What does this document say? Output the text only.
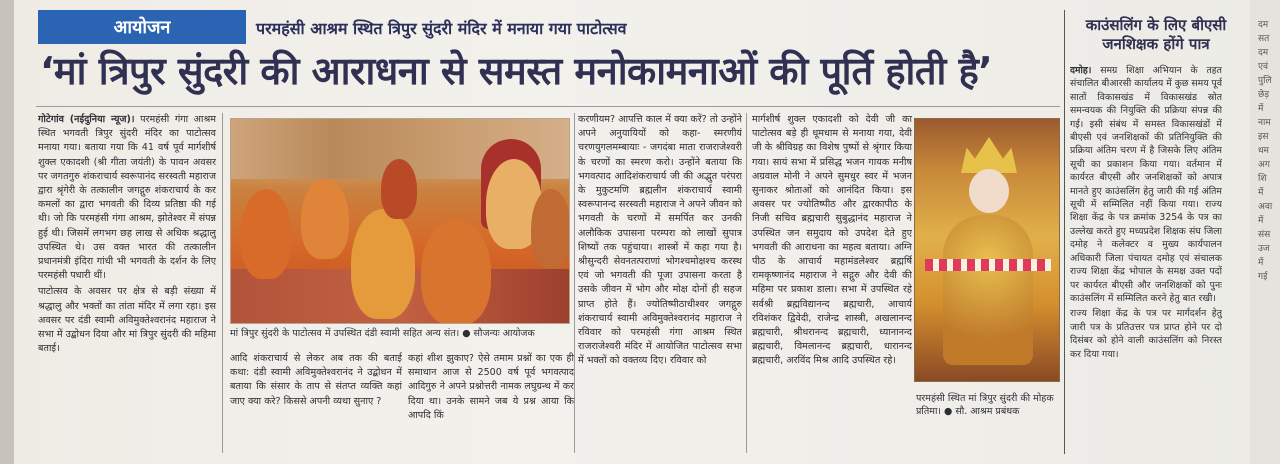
आयोजन	परमहंसी आश्रम स्थित त्रिपुर सुंदरी मंदिर में मनाया गया पाटोत्सव
‘मां त्रिपुर सुंदरी की आराधना से समस्त मनोकामनाओं की पूर्ति होती है’

गोटेगांव (नईदुनिया न्यूज)। परमहंसी गंगा आश्रम स्थित भगवती त्रिपुर सुंदरी मंदिर का पाटोत्सव मनाया गया। बताया गया कि 41 वर्ष पूर्व मार्गशीर्ष शुक्ल एकादशी (श्री गीता जयंती) के पावन अवसर पर जगतगुरु शंकराचार्य स्वरूपानंद सरस्वती महाराज द्वारा श्रृंगेरी के तत्कालीन जगद्गुरु शंकराचार्य के कर कमलों का द्वारा भगवती की दिव्य प्रतिष्ठा की गई थी। जो कि परमहंसी गंगा आश्रम, झोतेश्वर में संपन्न हुई थी। जिसमें लगभग छह लाख से अधिक श्रद्धालु उपस्थित थे। उस वक्त भारत की तत्कालीन प्रधानमंत्री इंदिरा गांधी भी भगवती के दर्शन के लिए परमहंसी पधारी थीं।

पाटोत्सव के अवसर पर क्षेत्र से बड़ी संख्या में श्रद्धालु और भक्तों का तांता मंदिर में लगा रहा। इस अवसर पर दंडी स्वामी अविमुक्तेश्वरानंद महाराज ने सभा में उद्बोधन दिया और मां त्रिपुर सुंदरी की महिमा बताई।

मां त्रिपुर सुंदरी के पाटोत्सव में उपस्थित दंडी स्वामी सहित अन्य संत। ● सौजन्यः आयोजक
आदि शंकराचार्य से लेकर अब तक की बताई कथा: दंडी स्वामी अविमुक्तेश्वरानंद ने उद्बोधन में बताया कि संसार के ताप से संतप्त व्यक्ति कहां जाए क्या करे? किससे अपनी व्यथा सुनाए ?
कहां शीश झुकाए? ऐसे तमाम प्रश्नों का एक ही समाधान आज से 2500 वर्ष पूर्व भगवत्पाद आदिगुरु ने अपने प्रश्नोत्तरी नामक लघुग्रन्थ में कर दिया था। उनके सामने जब ये प्रश्न आया कि आपदि किं
करणीयम? आपत्ति काल में क्या करें? तो उन्होंने अपने अनुयायियों को कहा- स्मरणीयं चरणयुगलमम्बायाः - जगदंबा माता राजराजेश्वरी के चरणों का स्मरण करो। उन्होंने बताया कि भगवत्पाद आदिशंकराचार्य जी की अद्भुत परंपरा के मुकुटमणि ब्रह्मलीन शंकराचार्य स्वामी स्वरूपानन्द सरस्वती महाराज ने अपने जीवन को भगवती के चरणों में समर्पित कर उनकी अलौकिक उपासना परम्परा को लाखों सुपात्र शिष्यों तक पहुंचाया। शास्त्रों में कहा गया है। श्रीसुन्दरी सेवनतत्पराणां भोगश्चमोक्षश्च करस्थ एवं जो भगवती की पूजा उपासना करता है उसके जीवन में भोग और मोक्ष दोनों ही सहज प्राप्त होते हैं। ज्योतिष्पीठाधीश्वर जगद्गुरु शंकराचार्य स्वामी अविमुक्तेश्वरानंद महाराज ने रविवार को परमहंसी गंगा आश्रम स्थित राजराजेश्वरी मंदिर में आयोजित पाटोत्सव सभा में भक्तों को वक्तव्य दिए। रविवार को
मार्गशीर्ष शुक्ल एकादशी को देवी जी का पाटोत्सव बड़े ही धूमधाम से मनाया गया, देवी जी के श्रीविग्रह का विशेष पुष्पों से श्रृंगार किया गया। सायं सभा में प्रसिद्ध भजन गायक मनीष अग्रवाल मोनी ने अपने सुमधुर स्वर में भजन सुनाकर श्रोताओं को आनंदित किया। इस अवसर पर ज्योतिष्पीठ और द्वारकापीठ के निजी सचिव ब्रह्मचारी सुबुद्धानंद महाराज ने उपस्थित जन समुदाय को उपदेश देते हुए भगवती की आराधना का महत्व बताया। अग्नि पीठ के आचार्य महामंडलेश्वर ब्रह्मर्षि रामकृष्णानंद महाराज ने सद्गुरु और देवी की महिमा पर प्रकाश डाला। सभा में उपस्थित रहे सर्वश्री ब्रह्मविद्यानन्द ब्रह्मचारी, आचार्य रविशंकर द्विवेदी, राजेन्द्र शास्त्री, अखलानन्द ब्रह्मचारी, श्रीधरानन्द ब्रह्मचारी, ध्यानानन्द ब्रह्मचारी, विमलानन्द ब्रह्मचारी, धारानन्द ब्रह्मचारी, अरविंद मिश्र आदि उपस्थित रहे।
परमहंसी स्थित मां त्रिपुर सुंदरी की मोहक प्रतिमा। ● सौ. आश्रम प्रबंधक
काउंसलिंग के लिए बीएसी जनशिक्षक होंगे पात्र

दमोह। समग्र शिक्षा अभियान के तहत संचालित बीआरसी कार्यालय में कुछ समय पूर्व सातों विकासखंड में विकासखंड स्रोत समन्वयक की नियुक्ति की प्रक्रिया संपन्न की गई। इसी संबंध में समस्त विकासखंडों में बीएसी एवं जनशिक्षकों की प्रतिनियुक्ति की प्रक्रिया अंतिम चरण में है जिसके लिए अंतिम सूची का प्रकाशन किया गया। वर्तमान में कार्यरत बीएसी और जनशिक्षकों को अपात्र मानते हुए काउंसलिंग हेतु जारी की गई अंतिम सूची में सम्मिलित नहीं किया गया। राज्य शिक्षा केंद्र के पत्र क्रमांक 3254 के पत्र का उल्लेख करते हुए मध्यप्रदेश शिक्षक संघ जिला दमोह ने कलेक्टर व मुख्य कार्यपालन अधिकारी जिला पंचायत दमोह एवं संचालक राज्य शिक्षा केंद्र भोपाल के समक्ष उक्त पदों पर कार्यरत बीएसी और जनशिक्षकों को पुनः काउंसलिंग में सम्मिलित करने हेतु बात रखी।

राज्य शिक्षा केंद्र के पत्र पर मार्गदर्शन हेतु जारी पत्र के प्रतिउत्तर पत्र प्राप्त होने पर दो दिसंबर को होने वाली काउंसलिंग को निरस्त कर दिया गया।

दम
सत
दम
एवं
पुलि
छेड़
में
नाम
इस
धम
अग
शि
में
अवा
में
संस
उज
में
गई
